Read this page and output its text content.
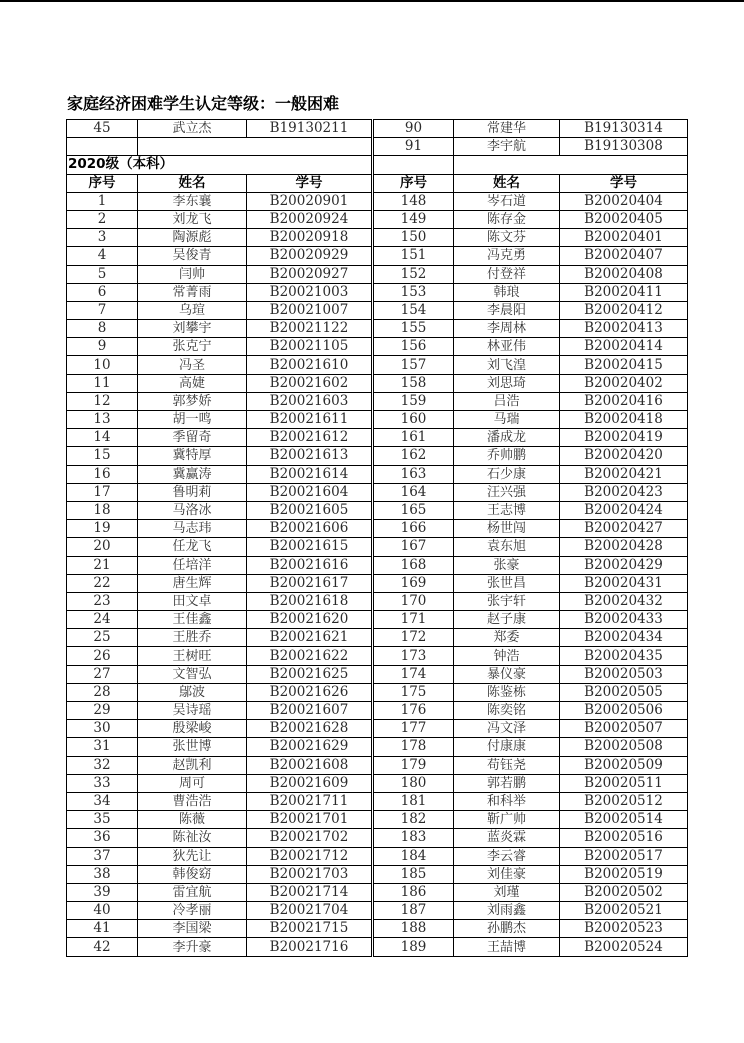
家庭经济困难学生认定等级：一般困难
45	武立杰	B19130211	90	常建华	B19130314
			91	李宇航	B19130308
2020级（本科）					
序号	姓名	学号	序号	姓名	学号
1	李东襄	B20020901	148	岑石道	B20020404
2	刘龙飞	B20020924	149	陈存金	B20020405
3	陶源彪	B20020918	150	陈文芬	B20020401
4	吴俊青	B20020929	151	冯克勇	B20020407
5	闫帅	B20020927	152	付登祥	B20020408
6	常菁雨	B20021003	153	韩琅	B20020411
7	乌瑄	B20021007	154	李晨阳	B20020412
8	刘攀宇	B20021122	155	李周林	B20020413
9	张克宁	B20021105	156	林亚伟	B20020414
10	冯圣	B20021610	157	刘飞湟	B20020415
11	高婕	B20021602	158	刘思琦	B20020402
12	郭梦娇	B20021603	159	吕浩	B20020416
13	胡一鸣	B20021611	160	马瑞	B20020418
14	季留奇	B20021612	161	潘成龙	B20020419
15	冀特厚	B20021613	162	乔帅鹏	B20020420
16	冀赢涛	B20021614	163	石少康	B20020421
17	鲁明莉	B20021604	164	汪兴强	B20020423
18	马洛冰	B20021605	165	王志博	B20020424
19	马志玮	B20021606	166	杨世闯	B20020427
20	任龙飞	B20021615	167	袁东旭	B20020428
21	任培洋	B20021616	168	张豪	B20020429
22	唐生辉	B20021617	169	张世昌	B20020431
23	田文卓	B20021618	170	张宇轩	B20020432
24	王佳鑫	B20021620	171	赵子康	B20020433
25	王胜乔	B20021621	172	郑委	B20020434
26	王树旺	B20021622	173	钟浩	B20020435
27	文智弘	B20021625	174	暴仪豪	B20020503
28	鄔波	B20021626	175	陈鉴栋	B20020505
29	吴诗瑶	B20021607	176	陈奕铭	B20020506
30	殷梁峻	B20021628	177	冯文泽	B20020507
31	张世博	B20021629	178	付康康	B20020508
32	赵凯利	B20021608	179	苟钰尧	B20020509
33	周可	B20021609	180	郭若鹏	B20020511
34	曹浩浩	B20021711	181	和科举	B20020512
35	陈薇	B20021701	182	靳广帅	B20020514
36	陈祉汝	B20021702	183	蓝炎霖	B20020516
37	狄先让	B20021712	184	李云睿	B20020517
38	韩俊窈	B20021703	185	刘佳豪	B20020519
39	雷宜航	B20021714	186	刘瑾	B20020502
40	冷孝丽	B20021704	187	刘雨鑫	B20020521
41	李国梁	B20021715	188	孙鹏杰	B20020523
42	李升豪	B20021716	189	王喆博	B20020524
